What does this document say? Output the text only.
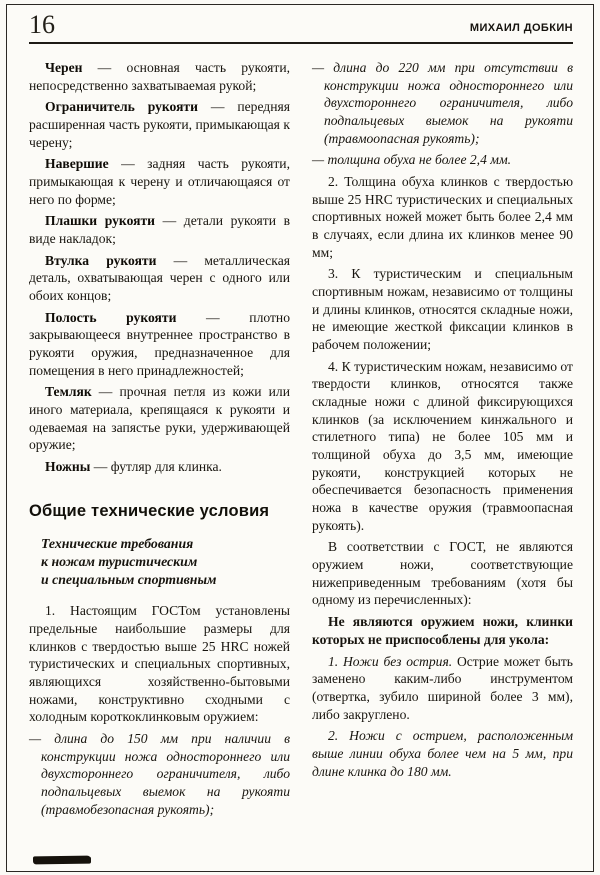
16	МИХАИЛ ДОБКИН

Черен — основная часть рукояти, непосредственно захватываемая рукой;

Ограничитель рукояти — передняя расширенная часть рукояти, примыкающая к черену;

Навершие — задняя часть рукояти, примыкающая к черену и отличающаяся от него по форме;

Плашки рукояти — детали рукояти в виде накладок;

Втулка рукояти — металлическая деталь, охватывающая черен с одного или обоих концов;

Полость рукояти — плотно закрывающееся внутреннее пространство в рукояти оружия, предназначенное для помещения в него принадлежностей;

Темляк — прочная петля из кожи или иного материала, крепящаяся к рукояти и одеваемая на запястье руки, удерживающей оружие;

Ножны — футляр для клинка.

Общие технические условия
Технические требования
к ножам туристическим
и специальным спортивным

1. Настоящим ГОСТом установлены предельные наибольшие размеры для клинков с твердостью выше 25 HRC ножей туристических и специальных спортивных, являющихся хозяйственно-бытовыми ножами, конструктивно сходными с холодным короткоклинковым оружием:

— длина до 150 мм при наличии в конструкции ножа одностороннего или двухстороннего ограничителя, либо подпальцевых выемок на рукояти (травмобезопасная рукоять);

— длина до 220 мм при отсутствии в конструкции ножа одностороннего или двухстороннего ограничителя, либо подпальцевых выемок на рукояти (травмоопасная рукоять);

— толщина обуха не более 2,4 мм.

2. Толщина обуха клинков с твердостью выше 25 HRC туристических и специальных спортивных ножей может быть более 2,4 мм в случаях, если длина их клинков менее 90 мм;

3. К туристическим и специальным спортивным ножам, независимо от толщины и длины клинков, относятся складные ножи, не имеющие жесткой фиксации клинков в рабочем положении;

4. К туристическим ножам, независимо от твердости клинков, относятся также складные ножи с длиной фиксирующихся клинков (за исключением кинжального и стилетного типа) не более 105 мм и толщиной обуха до 3,5 мм, имеющие рукояти, конструкцией которых не обеспечивается безопасность применения ножа в качестве оружия (травмоопасная рукоять).

В соответствии с ГОСТ, не являются оружием ножи, соответствующие нижеприведенным требованиям (хотя бы одному из перечисленных):

Не являются оружием ножи, клинки которых не приспособлены для укола:

1. Ножи без острия. Острие может быть заменено каким-либо инструментом (отвертка, зубило шириной более 3 мм), либо закруглено.

2. Ножи с острием, расположенным выше линии обуха более чем на 5 мм, при длине клинка до 180 мм.
